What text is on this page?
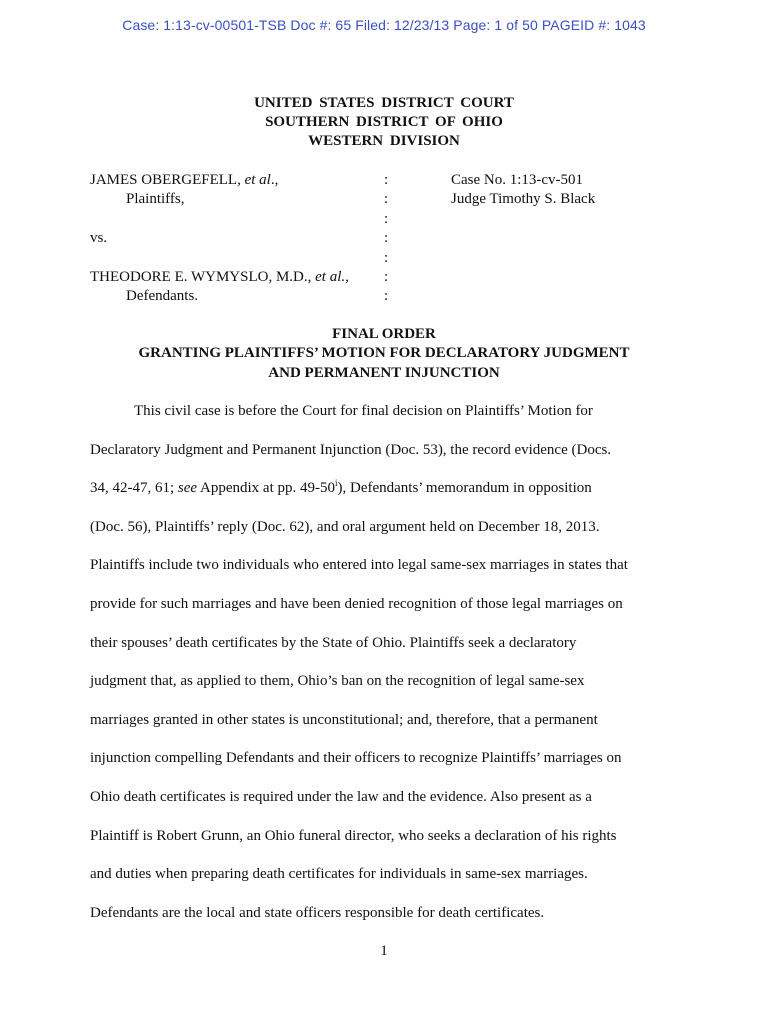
Case: 1:13-cv-00501-TSB Doc #: 65 Filed: 12/23/13 Page: 1 of 50 PAGEID #: 1043
UNITED STATES DISTRICT COURT
SOUTHERN DISTRICT OF OHIO
WESTERN DIVISION
JAMES OBERGEFELL, et al.,	:	Case No. 1:13-cv-501
Plaintiffs,	:	Judge Timothy S. Black
:
vs.	:
:
THEODORE E. WYMYSLO, M.D., et al., :
Defendants.	:
FINAL ORDER
GRANTING PLAINTIFFS’ MOTION FOR DECLARATORY JUDGMENT
AND PERMANENT INJUNCTION
This civil case is before the Court for final decision on Plaintiffs’ Motion for
Declaratory Judgment and Permanent Injunction (Doc. 53), the record evidence (Docs.
34, 42-47, 61; see Appendix at pp. 49-50$^i$), Defendants’ memorandum in opposition
(Doc. 56), Plaintiffs’ reply (Doc. 62), and oral argument held on December 18, 2013.
Plaintiffs include two individuals who entered into legal same-sex marriages in states that
provide for such marriages and have been denied recognition of those legal marriages on
their spouses’ death certificates by the State of Ohio. Plaintiffs seek a declaratory
judgment that, as applied to them, Ohio’s ban on the recognition of legal same-sex
marriages granted in other states is unconstitutional; and, therefore, that a permanent
injunction compelling Defendants and their officers to recognize Plaintiffs’ marriages on
Ohio death certificates is required under the law and the evidence. Also present as a
Plaintiff is Robert Grunn, an Ohio funeral director, who seeks a declaration of his rights
and duties when preparing death certificates for individuals in same-sex marriages.
Defendants are the local and state officers responsible for death certificates.
1
